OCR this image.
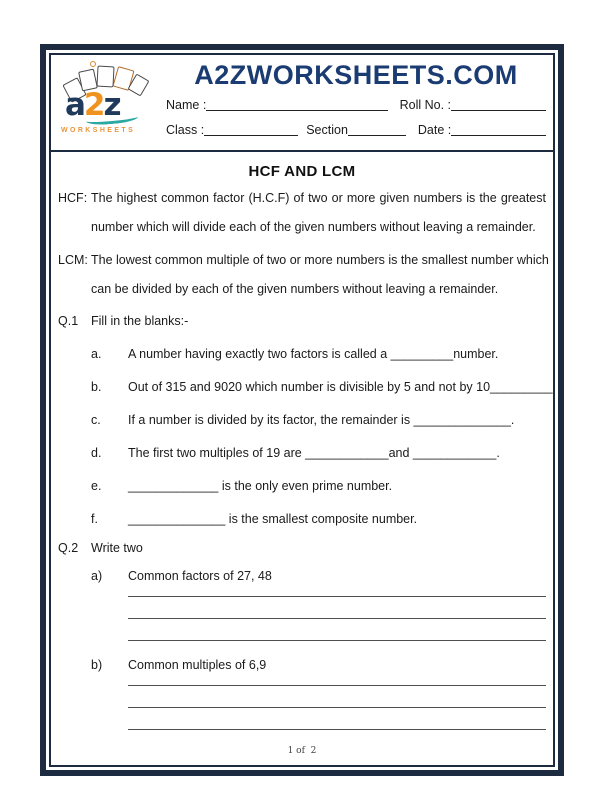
a2z
WORKSHEETS
A2ZWORKSHEETS.COM
Name :	Roll No. :
Class :	Section	Date :
HCF AND LCM
HCF: The highest common factor (H.C.F) of two or more given numbers is the greatest
number which will divide each of the given numbers without leaving a remainder.
LCM: The lowest common multiple of two or more numbers is the smallest number which
can be divided by each of the given numbers without leaving a remainder.
Q.1	Fill in the blanks:-
a.	A number having exactly two factors is called a _________number.
b.	Out of 315 and 9020 which number is divisible by 5 and not by 10_________
c.	If a number is divided by its factor, the remainder is ______________.
d.	The first two multiples of 19 are ____________and ____________.
e.	_____________ is the only even prime number.
f.	______________ is the smallest composite number.
Q.2	Write two
a)	Common factors of 27, 48
b)	Common multiples of 6,9
1 of  2
